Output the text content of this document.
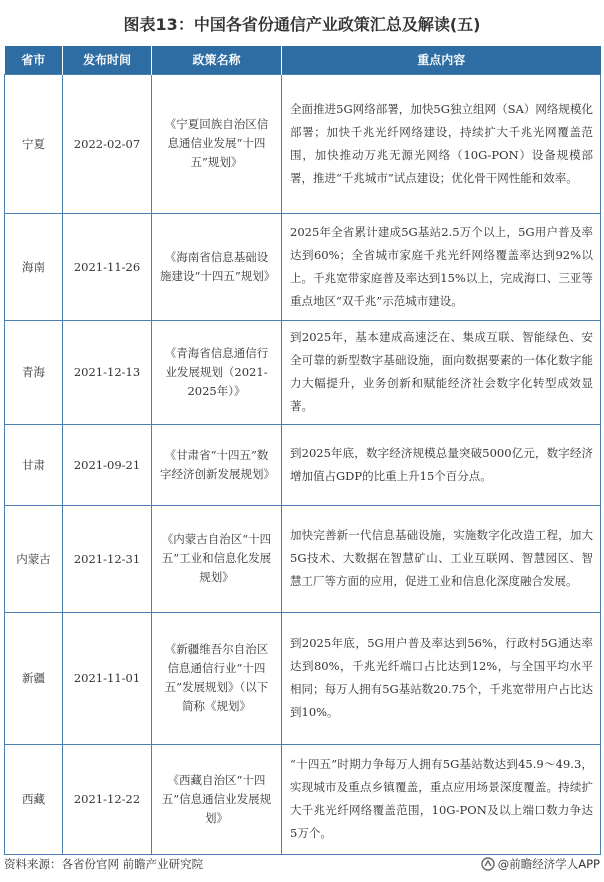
图表13：中国各省份通信产业政策汇总及解读(五)
省市	发布时间	政策名称	重点内容
宁夏	2022-02-07	《宁夏回族自治区信息通信业发展“十四五”规划》	全面推进5G网络部署，加快5G独立组网（SA）网络规模化部署；加快千兆光纤网络建设，持续扩大千兆光网覆盖范围，加快推动万兆无源光网络（10G-PON）设备规模部署，推进“千兆城市”试点建设；优化骨干网性能和效率。
海南	2021-11-26	《海南省信息基础设施建设“十四五”规划》	2025年全省累计建成5G基站2.5万个以上，5G用户普及率达到60%；全省城市家庭千兆光纤网络覆盖率达到92%以上。千兆宽带家庭普及率达到15%以上，完成海口、三亚等重点地区“双千兆”示范城市建设。
青海	2021-12-13	《青海省信息通信行业发展规划（2021-2025年）》	到2025年，基本建成高速泛在、集成互联、智能绿色、安全可靠的新型数字基础设施，面向数据要素的一体化数字能力大幅提升，业务创新和赋能经济社会数字化转型成效显著。
甘肃	2021-09-21	《甘肃省“十四五”数字经济创新发展规划》	到2025年底，数字经济规模总量突破5000亿元，数字经济增加值占GDP的比重上升15个百分点。
内蒙古	2021-12-31	《内蒙古自治区“十四五”工业和信息化发展规划》	加快完善新一代信息基础设施，实施数字化改造工程，加大5G技术、大数据在智慧矿山、工业互联网、智慧园区、智慧工厂等方面的应用，促进工业和信息化深度融合发展。
新疆	2021-11-01	《新疆维吾尔自治区信息通信行业“十四五”发展规划》（以下简称《规划》	到2025年底，5G用户普及率达到56%，行政村5G通达率达到80%，千兆光纤端口占比达到12%，与全国平均水平相同；每万人拥有5G基站数20.75个，千兆宽带用户占比达到10%。
西藏	2021-12-22	《西藏自治区“十四五”信息通信业发展规划》	“十四五”时期力争每万人拥有5G基站数达到45.9～49.3，实现城市及重点乡镇覆盖，重点应用场景深度覆盖。持续扩大千兆光纤网络覆盖范围，10G-PON及以上端口数力争达5万个。
资料来源：各省份官网 前瞻产业研究院	@前瞻经济学人APP
